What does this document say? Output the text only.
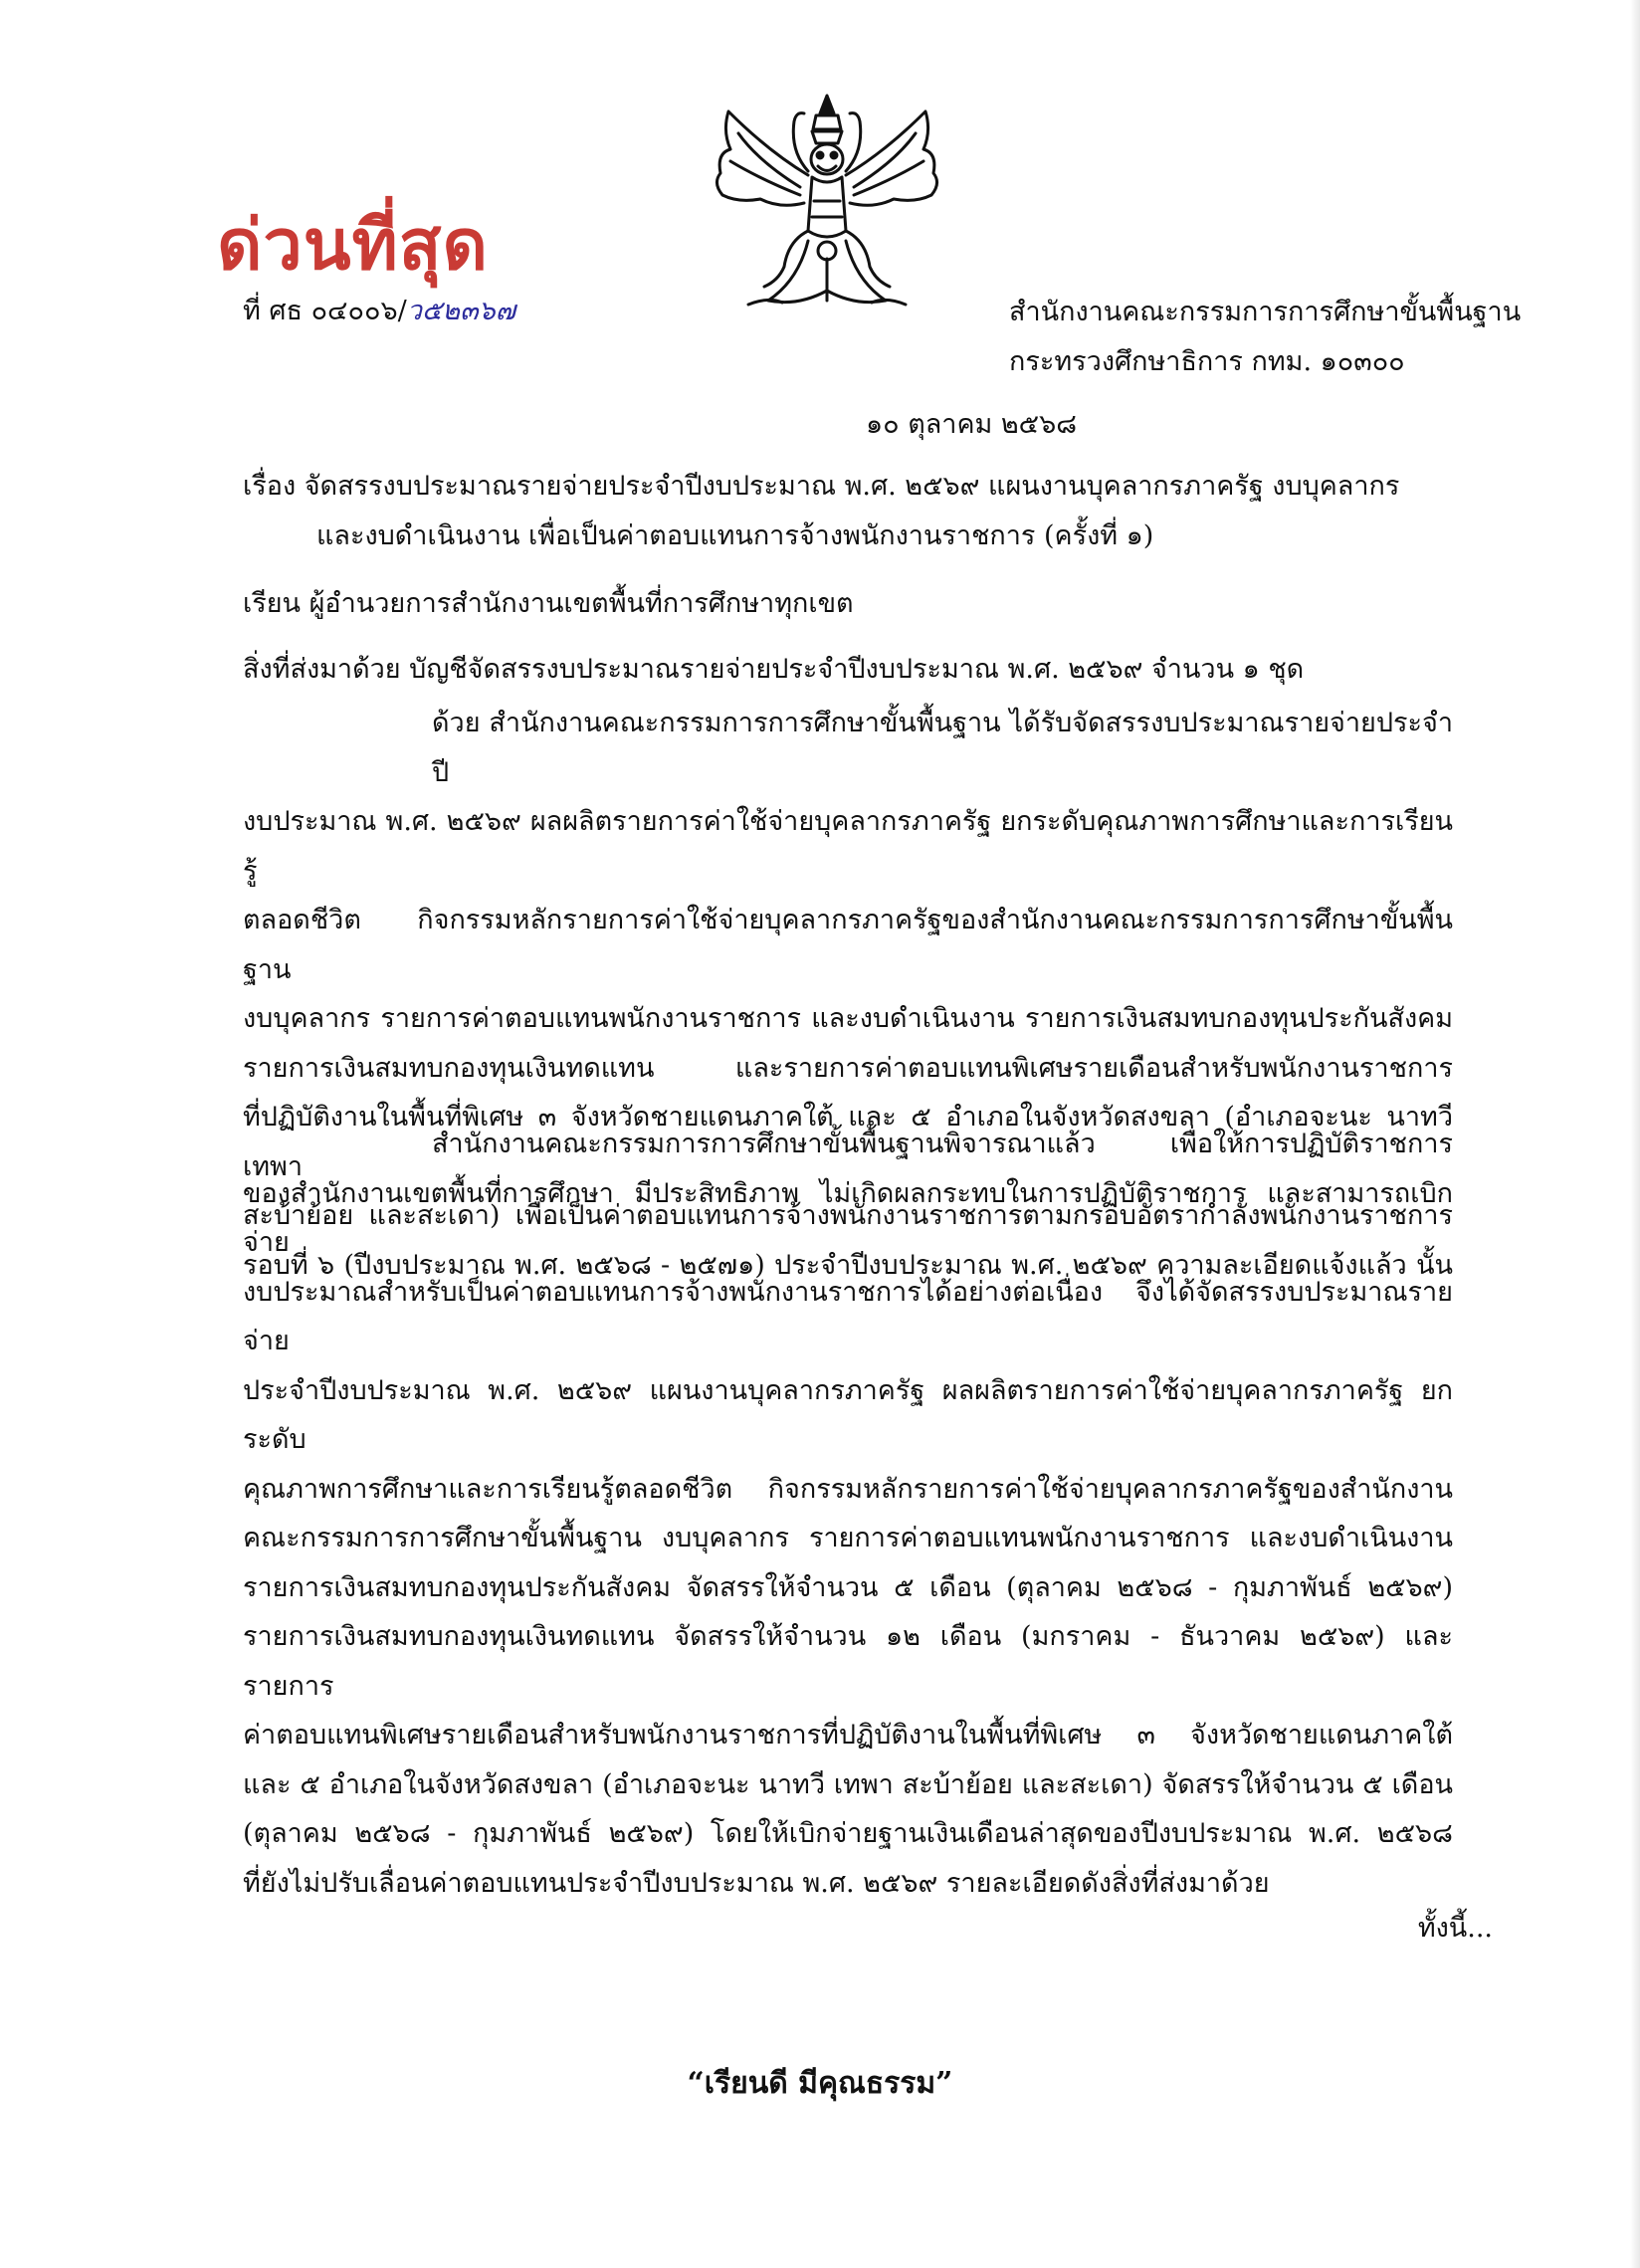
ด่วนที่สุด
ที่ ศธ ๐๔๐๐๖/ว๕๒๓๖๗	สำนักงานคณะกรรมการการศึกษาขั้นพื้นฐาน
กระทรวงศึกษาธิการ กทม. ๑๐๓๐๐
๑๐ ตุลาคม ๒๕๖๘
เรื่อง จัดสรรงบประมาณรายจ่ายประจำปีงบประมาณ พ.ศ. ๒๕๖๙ แผนงานบุคลากรภาครัฐ งบบุคลากร
และงบดำเนินงาน เพื่อเป็นค่าตอบแทนการจ้างพนักงานราชการ (ครั้งที่ ๑)
เรียน ผู้อำนวยการสำนักงานเขตพื้นที่การศึกษาทุกเขต
สิ่งที่ส่งมาด้วย บัญชีจัดสรรงบประมาณรายจ่ายประจำปีงบประมาณ พ.ศ. ๒๕๖๙ จำนวน ๑ ชุด
ด้วย สำนักงานคณะกรรมการการศึกษาขั้นพื้นฐาน ได้รับจัดสรรงบประมาณรายจ่ายประจำปี
งบประมาณ พ.ศ. ๒๕๖๙ ผลผลิตรายการค่าใช้จ่ายบุคลากรภาครัฐ ยกระดับคุณภาพการศึกษาและการเรียนรู้
ตลอดชีวิต กิจกรรมหลักรายการค่าใช้จ่ายบุคลากรภาครัฐของสำนักงานคณะกรรมการการศึกษาขั้นพื้นฐาน
งบบุคลากร รายการค่าตอบแทนพนักงานราชการ และงบดำเนินงาน รายการเงินสมทบกองทุนประกันสังคม
รายการเงินสมทบกองทุนเงินทดแทน และรายการค่าตอบแทนพิเศษรายเดือนสำหรับพนักงานราชการ
ที่ปฏิบัติงานในพื้นที่พิเศษ ๓ จังหวัดชายแดนภาคใต้ และ ๕ อำเภอในจังหวัดสงขลา (อำเภอจะนะ นาทวี เทพา
สะบ้าย้อย และสะเดา) เพื่อเป็นค่าตอบแทนการจ้างพนักงานราชการตามกรอบอัตรากำลังพนักงานราชการ
รอบที่ ๖ (ปีงบประมาณ พ.ศ. ๒๕๖๘ - ๒๕๗๑) ประจำปีงบประมาณ พ.ศ. ๒๕๖๙ ความละเอียดแจ้งแล้ว นั้น
สำนักงานคณะกรรมการการศึกษาขั้นพื้นฐานพิจารณาแล้ว เพื่อให้การปฏิบัติราชการ
ของสำนักงานเขตพื้นที่การศึกษา มีประสิทธิภาพ ไม่เกิดผลกระทบในการปฏิบัติราชการ และสามารถเบิกจ่าย
งบประมาณสำหรับเป็นค่าตอบแทนการจ้างพนักงานราชการได้อย่างต่อเนื่อง จึงได้จัดสรรงบประมาณรายจ่าย
ประจำปีงบประมาณ พ.ศ. ๒๕๖๙ แผนงานบุคลากรภาครัฐ ผลผลิตรายการค่าใช้จ่ายบุคลากรภาครัฐ ยกระดับ
คุณภาพการศึกษาและการเรียนรู้ตลอดชีวิต กิจกรรมหลักรายการค่าใช้จ่ายบุคลากรภาครัฐของสำนักงาน
คณะกรรมการการศึกษาขั้นพื้นฐาน งบบุคลากร รายการค่าตอบแทนพนักงานราชการ และงบดำเนินงาน
รายการเงินสมทบกองทุนประกันสังคม จัดสรรให้จำนวน ๕ เดือน (ตุลาคม ๒๕๖๘ - กุมภาพันธ์ ๒๕๖๙)
รายการเงินสมทบกองทุนเงินทดแทน จัดสรรให้จำนวน ๑๒ เดือน (มกราคม - ธันวาคม ๒๕๖๙) และรายการ
ค่าตอบแทนพิเศษรายเดือนสำหรับพนักงานราชการที่ปฏิบัติงานในพื้นที่พิเศษ ๓ จังหวัดชายแดนภาคใต้
และ ๕ อำเภอในจังหวัดสงขลา (อำเภอจะนะ นาทวี เทพา สะบ้าย้อย และสะเดา) จัดสรรให้จำนวน ๕ เดือน
(ตุลาคม ๒๕๖๘ - กุมภาพันธ์ ๒๕๖๙) โดยให้เบิกจ่ายฐานเงินเดือนล่าสุดของปีงบประมาณ พ.ศ. ๒๕๖๘
ที่ยังไม่ปรับเลื่อนค่าตอบแทนประจำปีงบประมาณ พ.ศ. ๒๕๖๙ รายละเอียดดังสิ่งที่ส่งมาด้วย
ทั้งนี้...
“เรียนดี มีคุณธรรม”
